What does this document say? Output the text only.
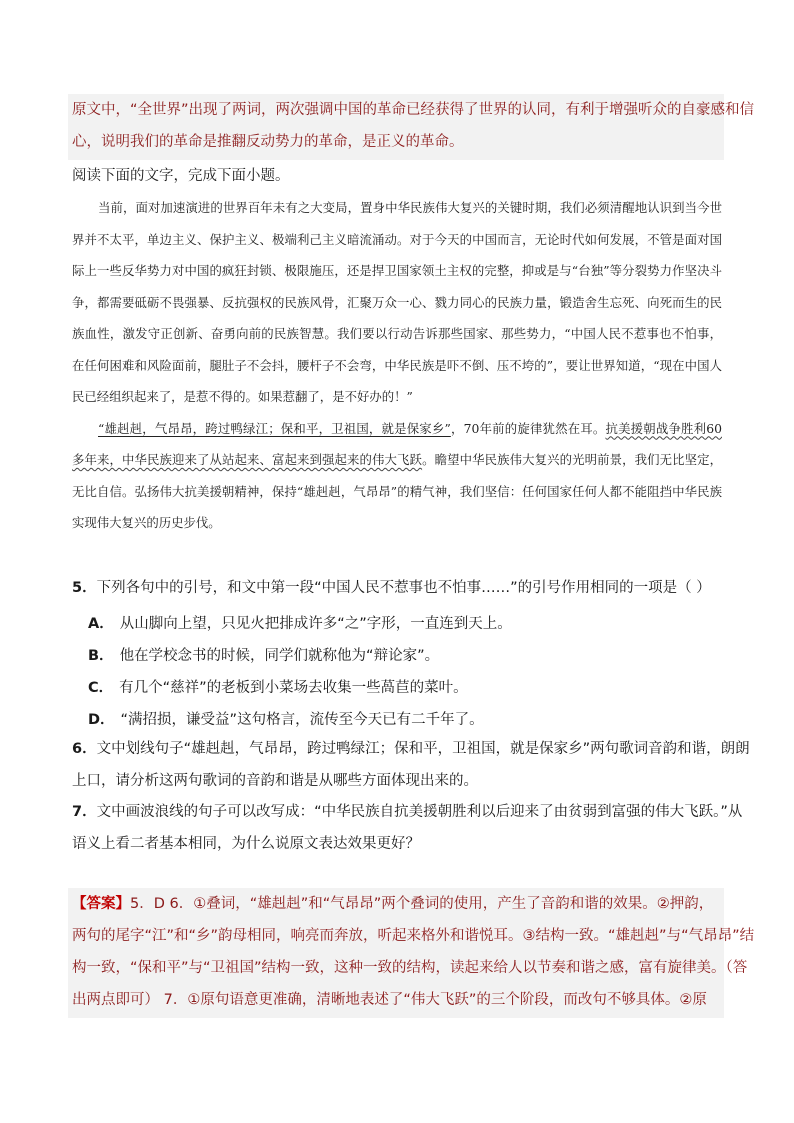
原文中，“全世界”出现了两词，两次强调中国的革命已经获得了世界的认同，有利于增强听众的自豪感和信
心，说明我们的革命是推翻反动势力的革命，是正义的革命。
阅读下面的文字，完成下面小题。

当前，面对加速演进的世界百年未有之大变局，置身中华民族伟大复兴的关键时期，我们必须清醒地认识到当今世界并不太平，单边主义、保护主义、极端利己主义暗流涌动。对于今天的中国而言，无论时代如何发展，不管是面对国际上一些反华势力对中国的疯狂封锁、极限施压，还是捍卫国家领土主权的完整，抑或是与“台独”等分裂势力作坚决斗争，都需要砥砺不畏强暴、反抗强权的民族风骨，汇聚万众一心、戮力同心的民族力量，锻造舍生忘死、向死而生的民族血性，激发守正创新、奋勇向前的民族智慧。我们要以行动告诉那些国家、那些势力，“中国人民不惹事也不怕事，在任何困难和风险面前，腿肚子不会抖，腰杆子不会弯，中华民族是吓不倒、压不垮的”，要让世界知道，“现在中国人民已经组织起来了，是惹不得的。如果惹翻了，是不好办的！”

“雄赳赳，气昂昂，跨过鸭绿江；保和平，卫祖国，就是保家乡”，70年前的旋律犹然在耳。抗美援朝战争胜利60多年来，中华民族迎来了从站起来、富起来到强起来的伟大飞跃。瞻望中华民族伟大复兴的光明前景，我们无比坚定，无比自信。弘扬伟大抗美援朝精神，保持“雄赳赳，气昂昂”的精气神，我们坚信：任何国家任何人都不能阻挡中华民族实现伟大复兴的历史步伐。

5．下列各句中的引号，和文中第一段“中国人民不惹事也不怕事……”的引号作用相同的一项是（ ）
A． 从山脚向上望，只见火把排成许多“之”字形，一直连到天上。
B． 他在学校念书的时候，同学们就称他为“辩论家”。
C． 有几个“慈祥”的老板到小菜场去收集一些萵苣的菜叶。
D． “满招损，谦受益”这句格言，流传至今天已有二千年了。
6．文中划线句子“雄赳赳，气昂昂，跨过鸭绿江；保和平，卫祖国，就是保家乡”两句歌词音韵和谐，朗朗
上口，请分析这两句歌词的音韵和谐是从哪些方面体现出来的。
7．文中画波浪线的句子可以改写成：“中华民族自抗美援朝胜利以后迎来了由贫弱到富强的伟大飞跃。”从
语义上看二者基本相同，为什么说原文表达效果更好？
【答案】5．D 6．①叠词，“雄赳赳”和“气昂昂”两个叠词的使用，产生了音韵和谐的效果。②押韵，
两句的尾字“江”和“乡”韵母相同，响亮而奔放，听起来格外和谐悦耳。③结构一致。“雄赳赳”与“气昂昂”结
构一致，“保和平”与“卫祖国”结构一致，这种一致的结构，读起来给人以节奏和谐之感，富有旋律美。（答
出两点即可） 7．①原句语意更准确，清晰地表述了“伟大飞跃”的三个阶段，而改句不够具体。②原
